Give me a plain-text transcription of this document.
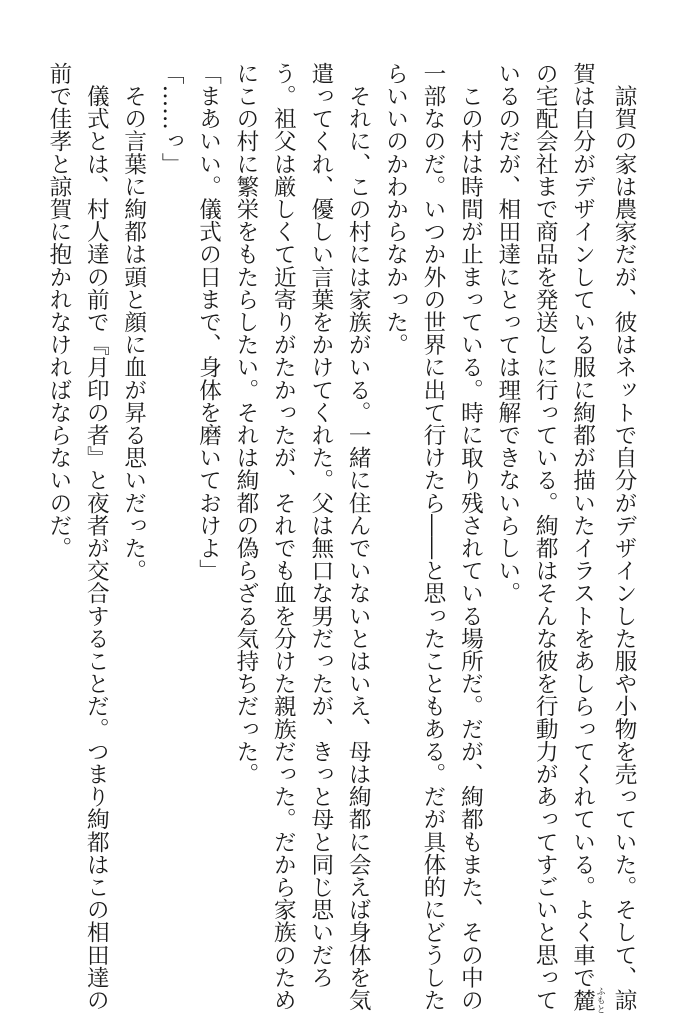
　諒賀の家は農家だが、彼はネットで自分がデザインした服や小物を売っていた。そして、諒
賀は自分がデザインしている服に絢都が描いたイラストをあしらってくれている。よく車で麓 ふもと
の宅配会社まで商品を発送しに行っている。絢都はそんな彼を行動力があってすごいと思って
いるのだが、相田達にとっては理解できないらしい。
　この村は時間が止まっている。時に取り残されている場所だ。だが、絢都もまた、その中の
一部なのだ。いつか外の世界に出て行けたら――と思ったこともある。だが具体的にどうした
らいいのかわからなかった。
　それに、この村には家族がいる。一緒に住んでいないとはいえ、母は絢都に会えば身体を気
遣ってくれ、優しい言葉をかけてくれた。父は無口な男だったが、きっと母と同じ思いだろ
う。祖父は厳しくて近寄りがたかったが、それでも血を分けた親族だった。だから家族のため
にこの村に繁栄をもたらしたい。それは絢都の偽らざる気持ちだった。
「まあいい。儀式の日まで、身体を磨いておけよ」
「……っ」
　その言葉に絢都は頭と顔に血が昇る思いだった。
　儀式とは、村人達の前で『月印の者』と夜者が交合することだ。つまり絢都はこの相田達の
前で佳孝と諒賀に抱かれなければならないのだ。
